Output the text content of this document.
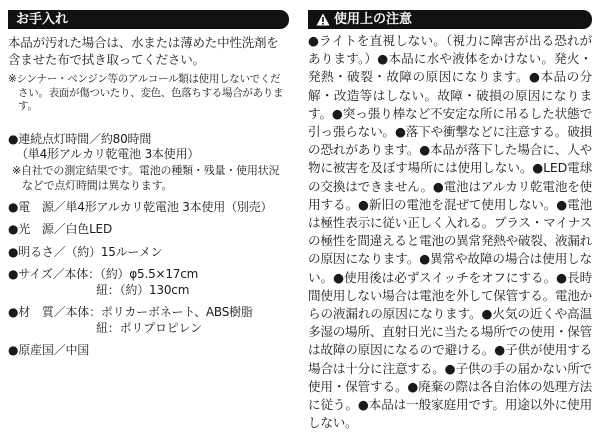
お手入れ

本品が汚れた場合は、水または薄めた中性洗剤を含ませた布で拭き取ってください。

※シンナー・ベンジン等のアルコール類は使用しないでください。表面が傷ついたり、変色、色落ちする場合があります。

●連続点灯時間／約80時間
（単4形アルカリ乾電池 3本使用）
※自社での測定結果です。電池の種類・残量・使用状況などで点灯時間は異なります。
●電　源／単4形アルカリ乾電池 3本使用（別売）
●光　源／白色LED
●明るさ／（約）15ルーメン
●サイズ／本体：（約）φ5.5×17cm
紐：（約）130cm
●材　質／本体：ポリカーボネート、ABS樹脂
紐：ポリプロピレン
●原産国／中国
使用上の注意

●ライトを直視しない。（視力に障害が出る恐れがあります。）●本品に水や液体をかけない。発火・発熱・破裂・故障の原因になります。●本品の分解・改造等はしない。故障・破損の原因になります。●突っ張り棒など不安定な所に吊るした状態で引っ張らない。●落下や衝撃などに注意する。破損の恐れがあります。●本品が落下した場合に、人や物に被害を及ぼす場所には使用しない。●LED電球の交換はできません。●電池はアルカリ乾電池を使用する。●新旧の電池を混ぜて使用しない。●電池は極性表示に従い正しく入れる。プラス・マイナスの極性を間違えると電池の異常発熱や破裂、液漏れの原因になります。●異常や故障の場合は使用しない。●使用後は必ずスイッチをオフにする。●長時間使用しない場合は電池を外して保管する。電池からの液漏れの原因になります。●火気の近くや高温多湿の場所、直射日光に当たる場所での使用・保管は故障の原因になるので避ける。●子供が使用する場合は十分に注意する。●子供の手の届かない所で使用・保管する。●廃棄の際は各自治体の処理方法に従う。●本品は一般家庭用です。用途以外に使用しない。
